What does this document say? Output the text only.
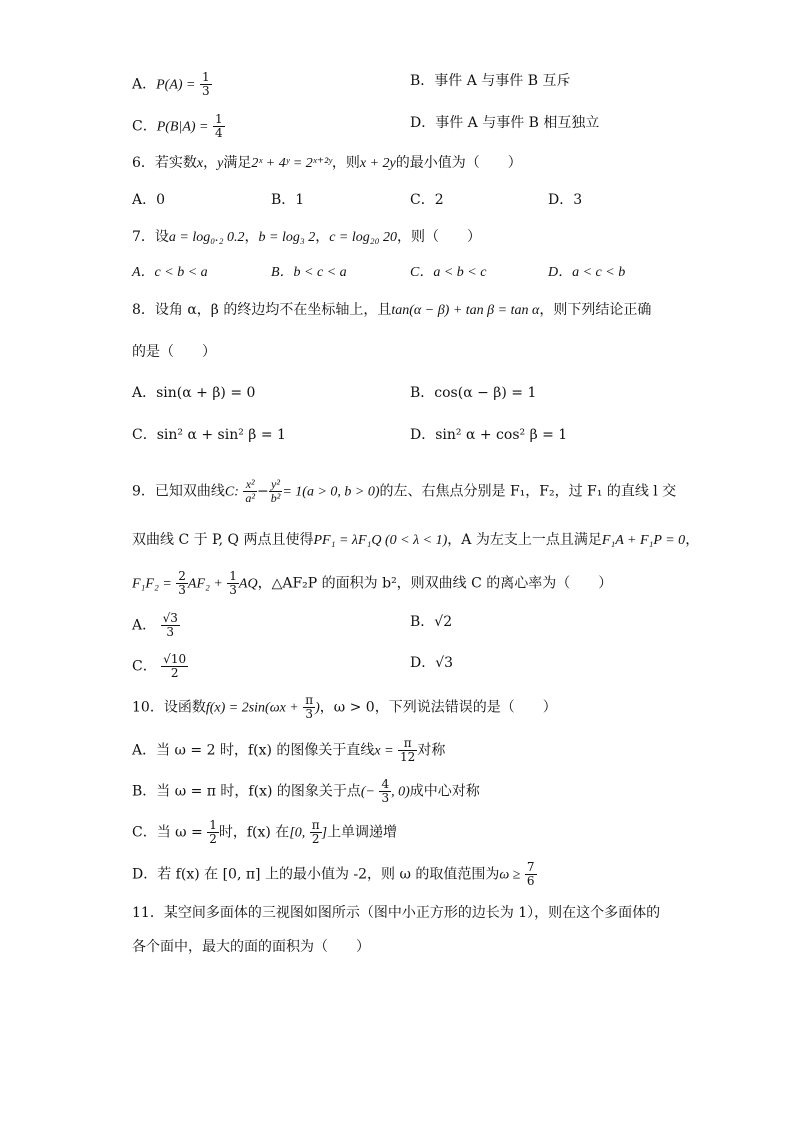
A．$P(A) = \frac{1}{3}$	B．事件 A 与事件 B 互斥
C．$P(B|A) = \frac{1}{4}$	D．事件 A 与事件 B 相互独立
6．若实数x，y满足2ˣ + 4ʸ = 2ˣ⁺²ʸ，则x + 2y的最小值为（　　）
A．0	B．1	C．2	D．3
7．设a = log₀.₂ 0.2，b = log₃ 2，c = log₂₀ 20，则（　　）
A．c < b < a	B．b < c < a	C．a < b < c	D．a < c < b
8．设角 α，β 的终边均不在坐标轴上，且tan(α − β) + tan β = tan α，则下列结论正确
的是（　　）
A．sin(α + β) = 0	B．cos(α − β) = 1
C．sin² α + sin² β = 1	D．sin² α + cos² β = 1
9．已知双曲线C: $\frac{\text{x²}}{\text{a²}} - \frac{\text{y²}}{\text{b²}} = 1(a > 0$, b > 0)的左、右焦点分别是 F₁，F₂，过 F₁ 的直线 l 交
双曲线 C 于 P, Q 两点且使得PF₁ = λF₁Q (0 < λ < 1)，A 为左支上一点且满足F₁A + F₁P = 0，
$F_1F_2 = \frac{2}{3} AF_2 + \frac{1}{3}$ AQ，△AF₂P 的面积为 b²，则双曲线 C 的离心率为（　　）
A． $\frac{√3}{3}$	B．√2
C． $\frac{√10}{2}$	D．√3
10．设函数$f(x) = 2\sin(\omega x + \frac{\pi}{3}$ )，ω > 0，下列说法错误的是（　　）
A．当 ω = 2 时，f(x) 的图像关于直线$x = \frac{\pi}{12}$ 对称
B．当 ω = π 时，f(x) 的图象关于点(− $\frac{4}{3}$ , 0)成中心对称
C．当 $\omega = \frac{1}{2}$ 时，f(x) 在[0, $\frac{\pi}{2}$ ]上单调递增
D．若 f(x) 在 [0, π] 上的最小值为 -2，则 ω 的取值范围为$\omega \ge \frac{7}{6}$
11．某空间多面体的三视图如图所示（图中小正方形的边长为 1），则在这个多面体的
各个面中，最大的面的面积为（　　）
